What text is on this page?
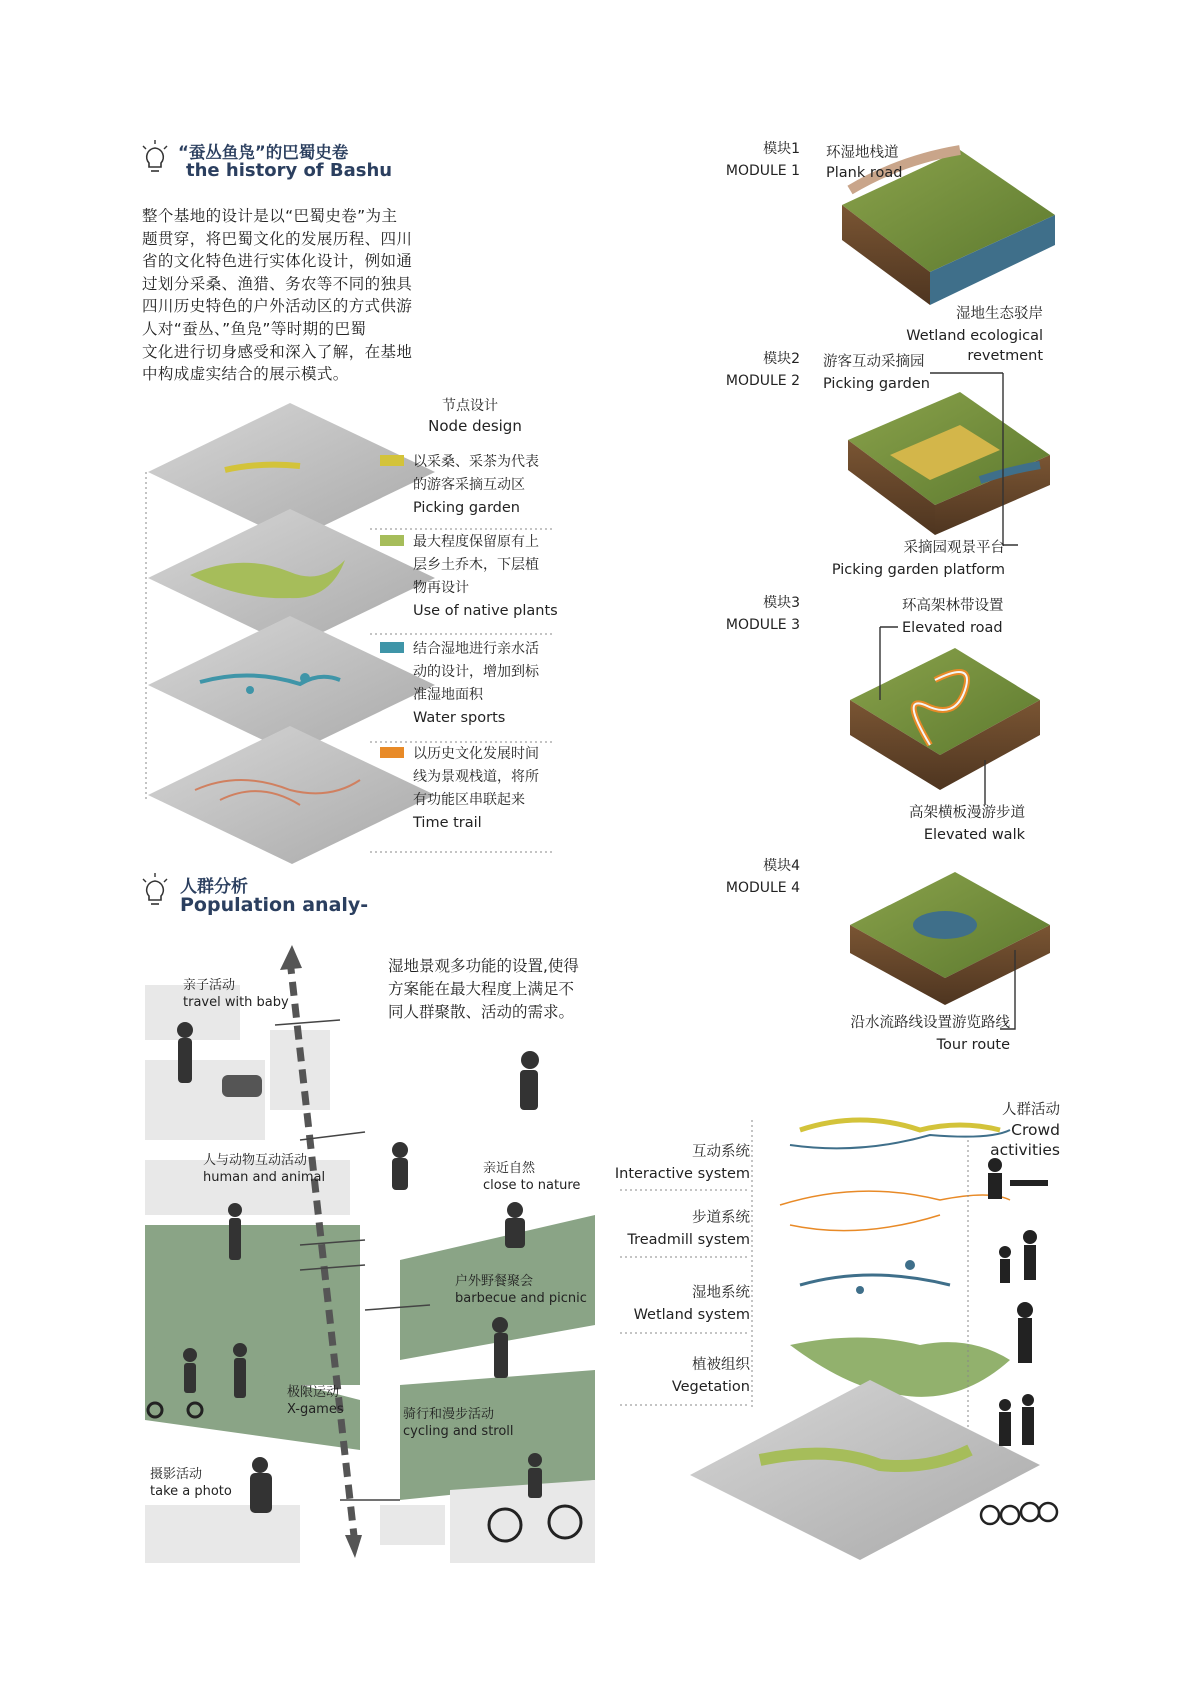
“蚕丛鱼凫”的巴蜀史卷
the history of Bashu
整个基地的设计是以“巴蜀史卷”为主
题贯穿，将巴蜀文化的发展历程、四川
省的文化特色进行实体化设计，例如通
过划分采桑、渔猎、务农等不同的独具
四川历史特色的户外活动区的方式供游
人对“蚕丛、”鱼凫”等时期的巴蜀
文化进行切身感受和深入了解，在基地
中构成虚实结合的展示模式。
节点设计
Node design
以采桑、采茶为代表
的游客采摘互动区
Picking garden
最大程度保留原有上
层乡土乔木，下层植
物再设计
Use of native plants
结合湿地进行亲水活
动的设计，增加到标
准湿地面积
Water sports
以历史文化发展时间
线为景观栈道，将所
有功能区串联起来
Time trail
人群分析
Population analy-
湿地景观多功能的设置,使得
方案能在最大程度上满足不
同人群聚散、活动的需求。
亲子活动
travel with baby
人与动物互动活动
human and animal
亲近自然
close to nature
户外野餐聚会
barbecue and picnic
极限运动
X-games	骑行和漫步活动
cycling and stroll
摄影活动
take a photo
模块1
MODULE 1
环湿地栈道
Plank road
湿地生态驳岸
Wetland ecological revetment
模块2
MODULE 2
游客互动采摘园
Picking garden
采摘园观景平台
Picking garden platform
模块3
MODULE 3
环高架林带设置
Elevated road
高架横板漫游步道
Elevated walk
模块4
MODULE 4
沿水流路线设置游览路线
Tour route
人群活动
Crowd activities
互动系统
Interactive system
步道系统
Treadmill system
湿地系统
Wetland system
植被组织
Vegetation
